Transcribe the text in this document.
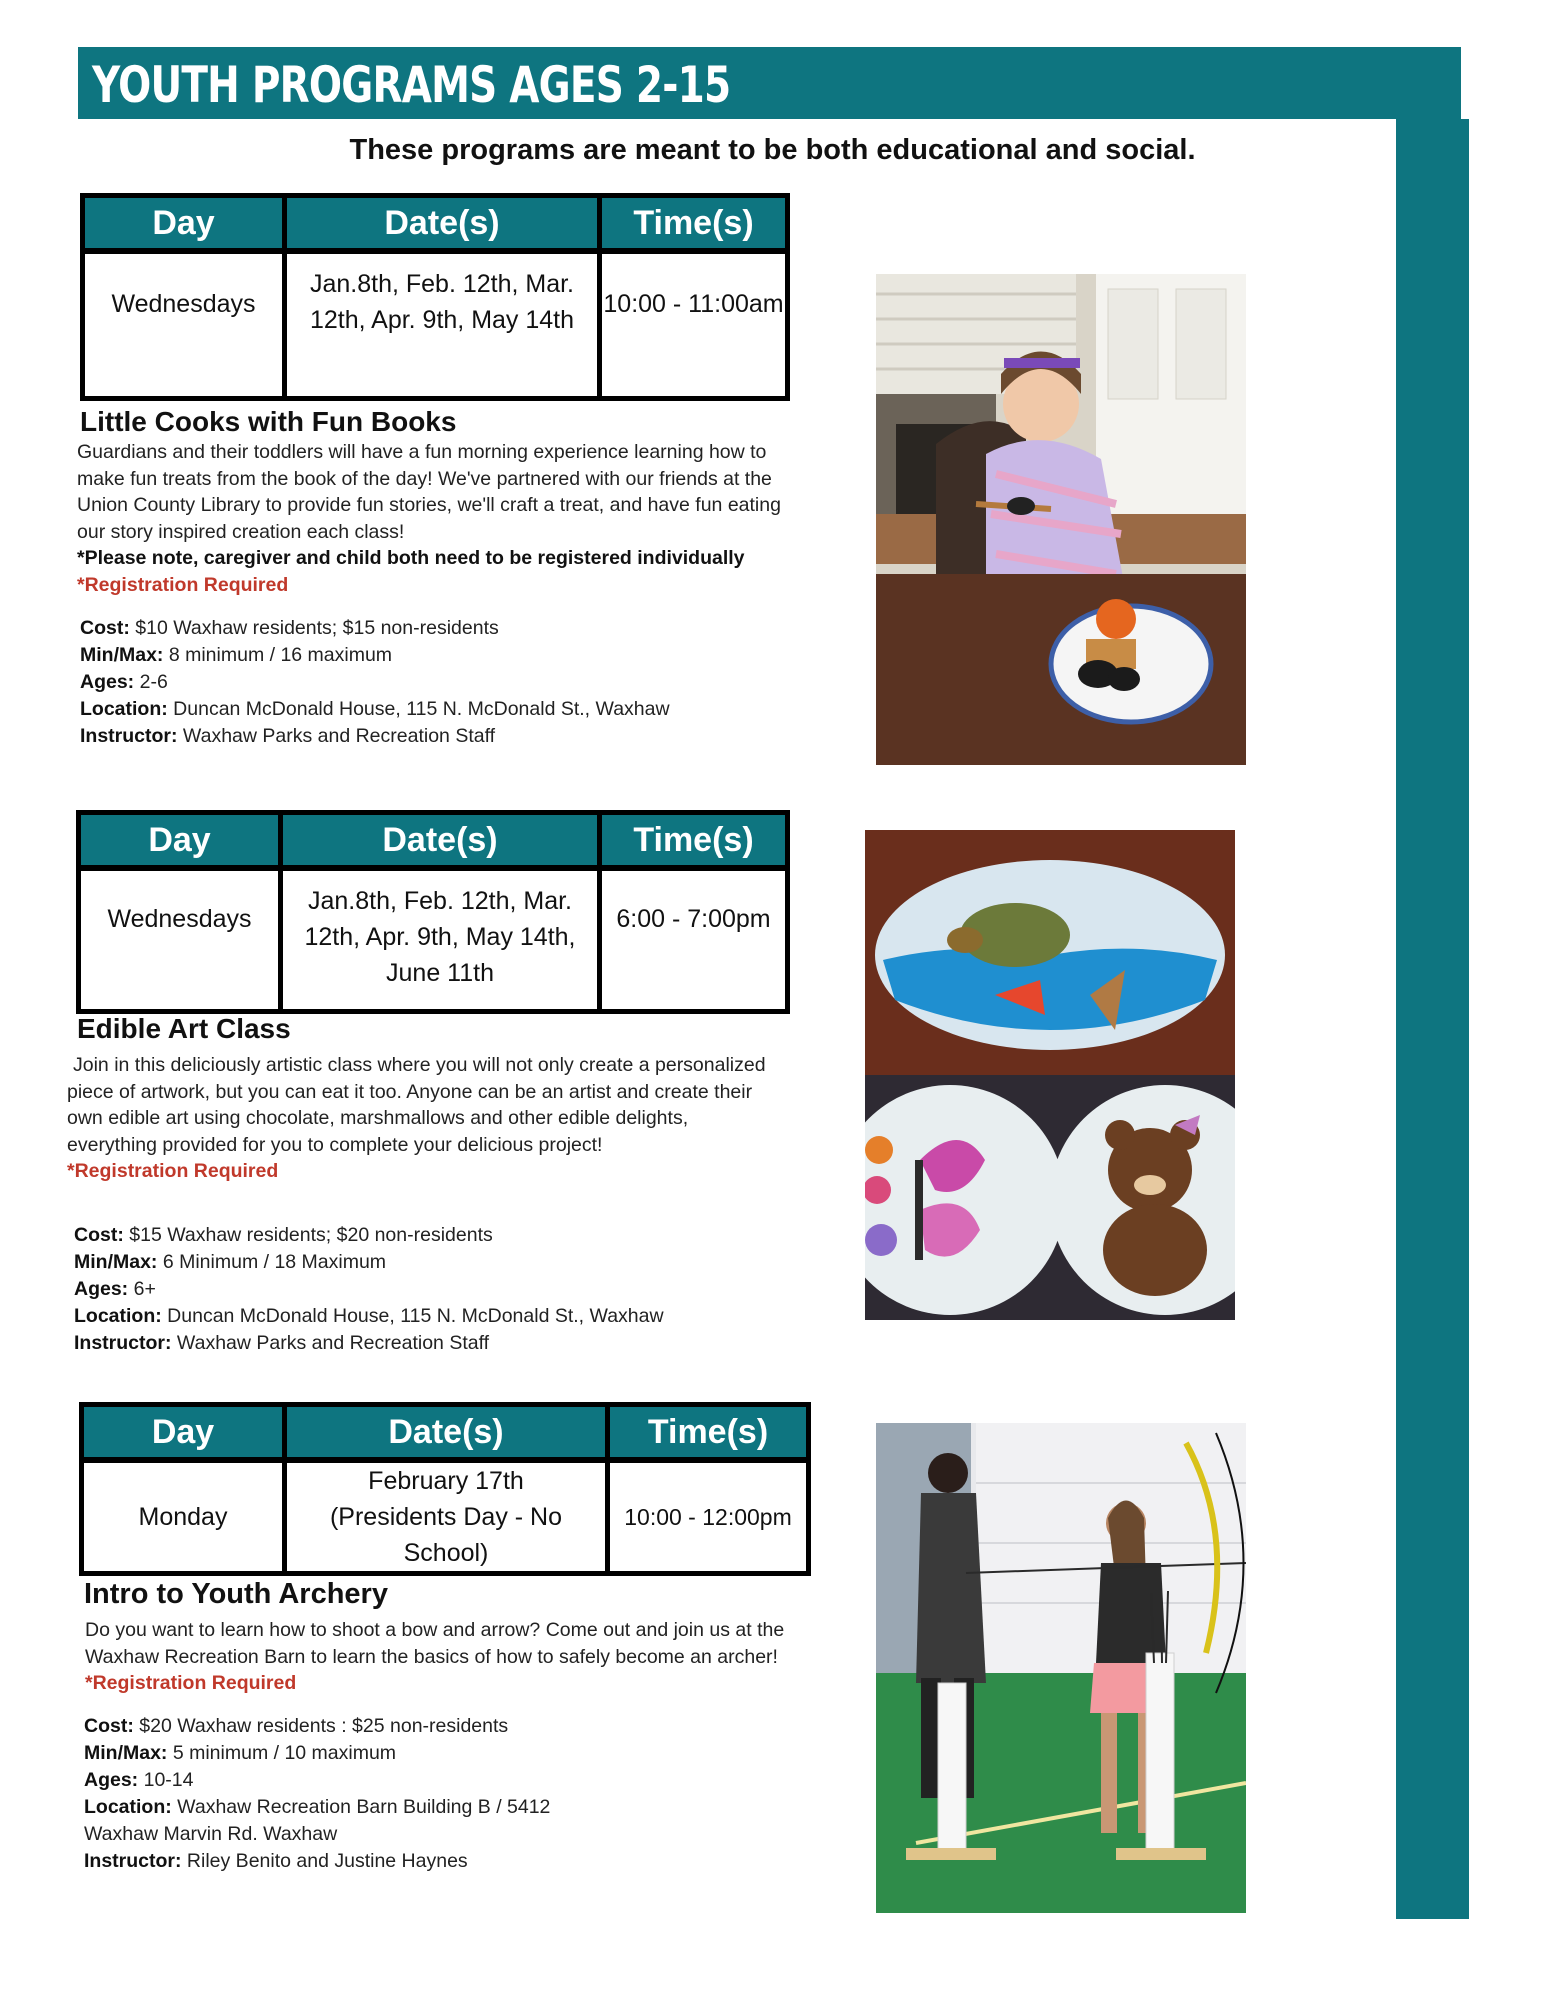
YOUTH PROGRAMS AGES 2-15
These programs are meant to be both educational and social.
Day	Date(s)	Time(s)
Wednesdays	Jan.8th, Feb. 12th, Mar. 12th, Apr. 9th, May 14th	10:00 - 11:00am
Little Cooks with Fun Books
Guardians and their toddlers will have a fun morning experience learning how to make fun treats from the book of the day! We've partnered with our friends at the Union County Library to provide fun stories, we'll craft a treat, and have fun eating our story inspired creation each class!
*Please note, caregiver and child both need to be registered individually
*Registration Required
Cost: $10 Waxhaw residents; $15 non-residents
Min/Max: 8 minimum / 16 maximum
Ages: 2-6
Location: Duncan McDonald House, 115 N. McDonald St., Waxhaw
Instructor: Waxhaw Parks and Recreation Staff
Day	Date(s)	Time(s)
Wednesdays	Jan.8th, Feb. 12th, Mar. 12th, Apr. 9th, May 14th, June 11th	6:00 - 7:00pm
Edible Art Class
Join in this deliciously artistic class where you will not only create a personalized piece of artwork, but you can eat it too. Anyone can be an artist and create their own edible art using chocolate, marshmallows and other edible delights, everything provided for you to complete your delicious project!
*Registration Required
Cost: $15 Waxhaw residents; $20 non-residents
Min/Max: 6 Minimum / 18 Maximum
Ages: 6+
Location: Duncan McDonald House, 115 N. McDonald St., Waxhaw
Instructor: Waxhaw Parks and Recreation Staff
Day	Date(s)	Time(s)
Monday	February 17th (Presidents Day - No School)	10:00 - 12:00pm
Intro to Youth Archery
Do you want to learn how to shoot a bow and arrow? Come out and join us at the Waxhaw Recreation Barn to learn the basics of how to safely become an archer!
*Registration Required
Cost: $20 Waxhaw residents : $25 non-residents
Min/Max: 5 minimum / 10 maximum
Ages: 10-14
Location: Waxhaw Recreation Barn Building B / 5412 Waxhaw Marvin Rd. Waxhaw
Instructor: Riley Benito and Justine Haynes
